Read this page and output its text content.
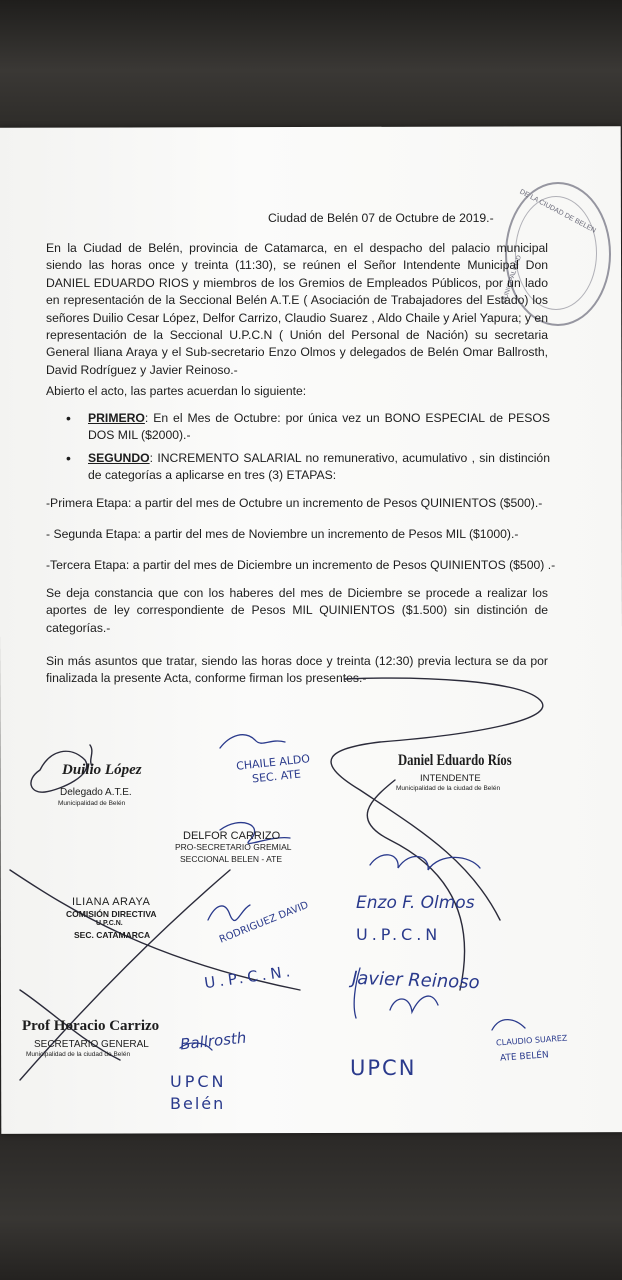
DE LA CIUDAD DE BELEN
MUNICIPALIDAD
Ciudad de Belén 07 de Octubre de 2019.-

En la Ciudad de Belén, provincia de Catamarca, en el despacho del palacio municipal siendo las horas once y treinta (11:30), se reúnen el Señor Intendente Municipal Don DANIEL EDUARDO RIOS y miembros de los Gremios de Empleados Públicos, por un lado en representación de la Seccional Belén A.T.E ( Asociación de Trabajadores del Estado) los señores Duilio Cesar López, Delfor Carrizo, Claudio Suarez , Aldo Chaile y Ariel Yapura; y en representación de la Seccional U.P.C.N ( Unión del Personal de Nación) su secretaria General Iliana Araya y el Sub-secretario Enzo Olmos y delegados de Belén Omar Ballrosth, David Rodríguez y Javier Reinoso.-

Abierto el acto, las partes acuerdan lo siguiente:

• PRIMERO: En el Mes de Octubre: por única vez un BONO ESPECIAL de PESOS DOS MIL ($2000).-
• SEGUNDO: INCREMENTO SALARIAL no remunerativo, acumulativo , sin distinción de categorías a aplicarse en tres (3) ETAPAS:
-Primera Etapa: a partir del mes de Octubre un incremento de Pesos QUINIENTOS ($500).-
- Segunda Etapa: a partir del mes de Noviembre un incremento de Pesos MIL ($1000).-
-Tercera Etapa: a partir del mes de Diciembre un incremento de Pesos QUINIENTOS ($500) .-

Se deja constancia que con los haberes del mes de Diciembre se procede a realizar los aportes de ley correspondiente de Pesos MIL QUINIENTOS ($1.500) sin distinción de categorías.-

Sin más asuntos que tratar, siendo las horas doce y treinta (12:30) previa lectura se da por finalizada la presente Acta, conforme firman los presentes.-

Daniel Eduardo Ríos
INTENDENTE
Municipalidad de la ciudad de Belén
Duilio López
Delegado A.T.E.
Municipalidad de Belén
DELFOR CARRIZO
PRO-SECRETARIO GREMIAL
SECCIONAL BELEN - ATE
ILIANA ARAYA
COMISIÓN DIRECTIVA
U.P.C.N.
SEC. CATAMARCA
Prof Horacio Carrizo
SECRETARIO GENERAL
Municipalidad de la ciudad de Belén
CHAILE ALDO
SEC. ATE
Enzo F. Olmos
U.P.C.N
RODRIGUEZ DAVID
U.P.C.N.	Javier Reinoso
UPCN
Ballrosth
UPCN
Belén
CLAUDIO SUAREZ
ATE BELÉN
